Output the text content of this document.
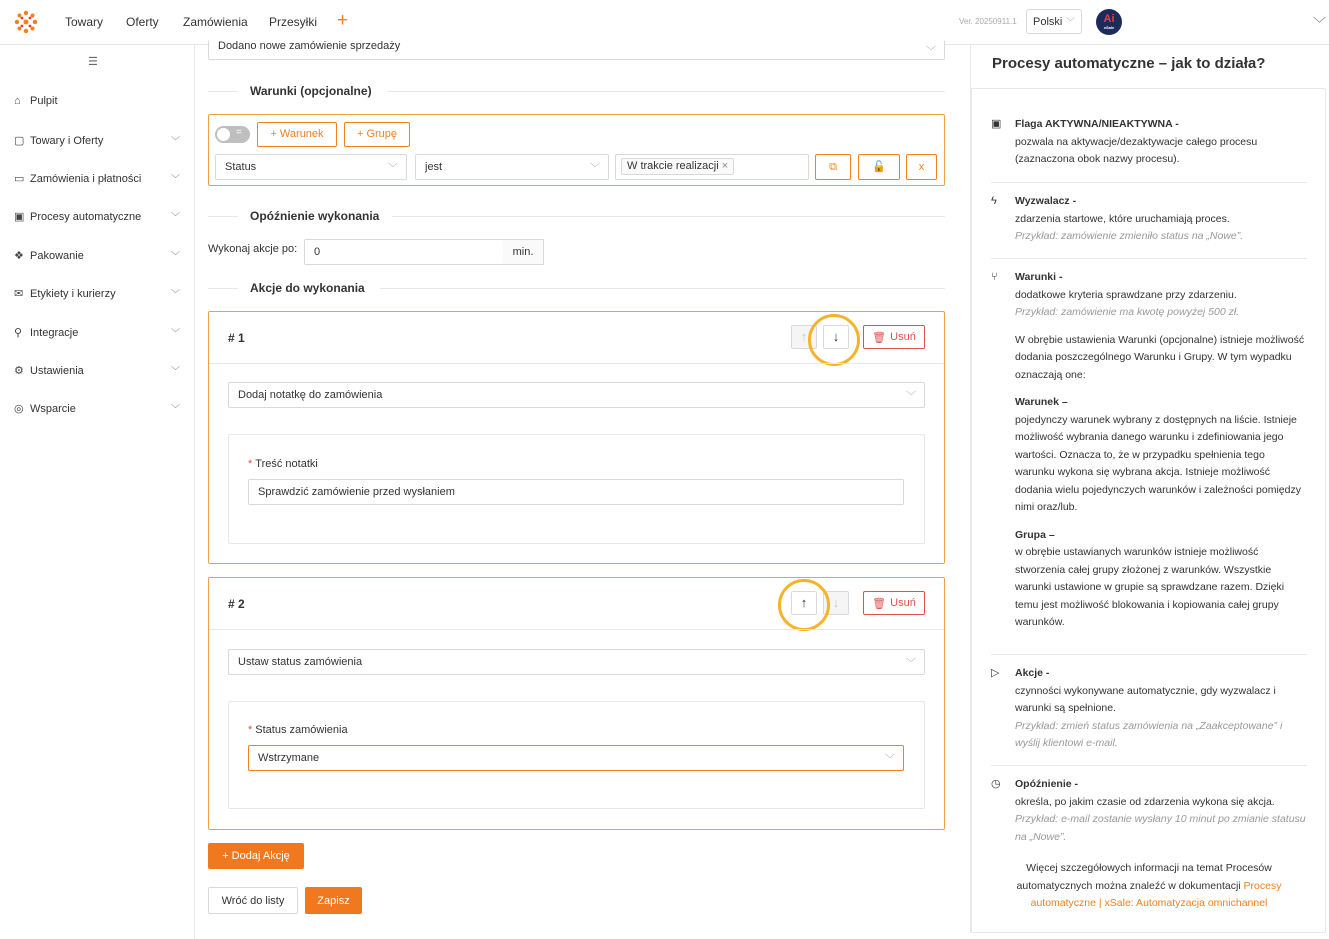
Towary Oferty Zamówienia Przesyłki +	Ver. 20250911.1	Polski ﹀	Ai
xSale	﹀
☰
⌂ Pulpit
▢ Towary i Oferty	﹀
▭ Zamówienia i płatności	﹀
▣ Procesy automatyczne	﹀
❖ Pakowanie	﹀
✉ Etykiety i kurierzy	﹀
⚲ Integracje	﹀
⚙ Ustawienia	﹀
◎ Wsparcie	﹀
Dodano nowe zamówienie sprzedaży	﹀
Warunki (opcjonalne)
=	+ Warunek	+ Grupę
Status	﹀ jest	﹀	W trakcie realizacji ×	⧉	🔓	x
Opóźnienie wykonania
Wykonaj akcje po:	0	min.
Akcje do wykonania
# 1	↑	↓	🗑 Usuń
Dodaj notatkę do zamówienia	﹀
* Treść notatki
Sprawdzić zamówienie przed wysłaniem
# 2	↑	↓	🗑 Usuń
Ustaw status zamówienia	﹀
* Status zamówienia
Wstrzymane	﹀
+ Dodaj Akcję
Wróć do listy	Zapisz
Procesy automatyczne – jak to działa?
▣ Flaga AKTYWNA/NIEAKTYWNA -
pozwala na aktywacje/dezaktywacje całego procesu (zaznaczona obok nazwy procesu).
ϟ Wyzwalacz -
zdarzenia startowe, które uruchamiają proces.
Przykład: zamówienie zmieniło status na „Nowe”.
⑂ Warunki -
dodatkowe kryteria sprawdzane przy zdarzeniu.
Przykład: zamówienie ma kwotę powyżej 500 zł.
W obrębie ustawienia Warunki (opcjonalne) istnieje możliwość dodania poszczególnego Warunku i Grupy. W tym wypadku oznaczają one:
Warunek –
pojedynczy warunek wybrany z dostępnych na liście. Istnieje możliwość wybrania danego warunku i zdefiniowania jego wartości. Oznacza to, że w przypadku spełnienia tego warunku wykona się wybrana akcja. Istnieje możliwość dodania wielu pojedynczych warunków i zależności pomiędzy nimi oraz/lub.
Grupa –
w obrębie ustawianych warunków istnieje możliwość stworzenia całej grupy złożonej z warunków. Wszystkie warunki ustawione w grupie są sprawdzane razem. Dzięki temu jest możliwość blokowania i kopiowania całej grupy warunków.
▷ Akcje -
czynności wykonywane automatycznie, gdy wyzwalacz i warunki są spełnione.
Przykład: zmień status zamówienia na „Zaakceptowane” i wyślij klientowi e-mail.
◷ Opóźnienie -
określa, po jakim czasie od zdarzenia wykona się akcja.
Przykład: e-mail zostanie wysłany 10 minut po zmianie statusu na „Nowe”.
Więcej szczegółowych informacji na temat Procesów automatycznych można znaleźć w dokumentacji Procesy automatyczne | xSale: Automatyzacja omnichannel
